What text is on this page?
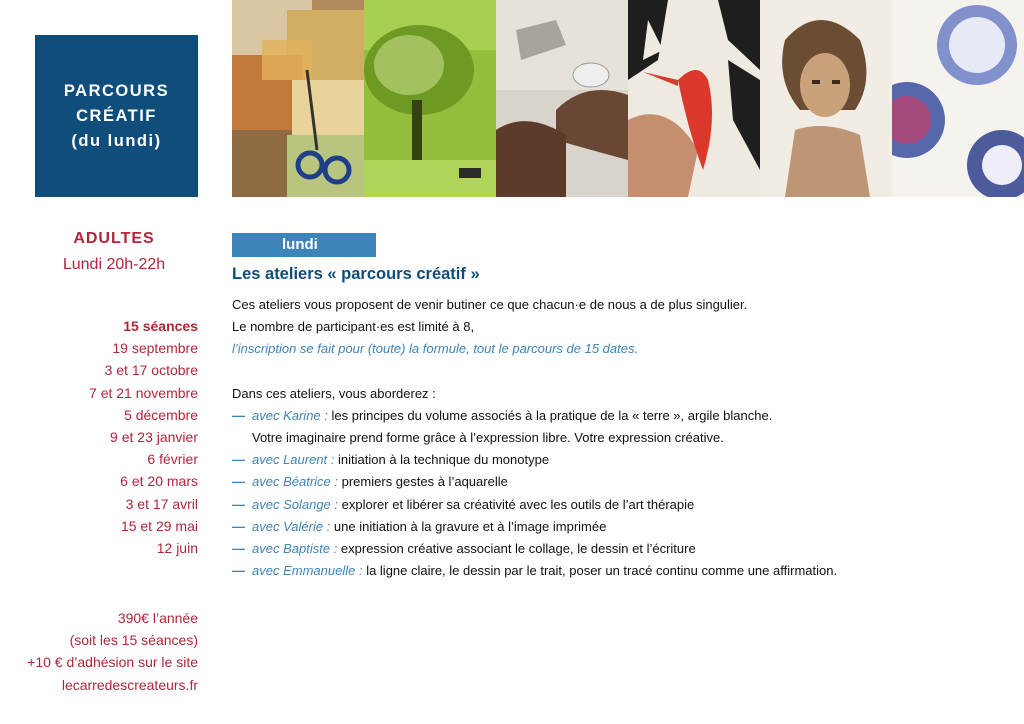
PARCOURS
CRÉATIF
(du lundi)
ADULTES
Lundi 20h-22h
15 séances
19 septembre
3 et 17 octobre
7 et 21 novembre
5 décembre
9 et 23 janvier
6 février
6 et 20 mars
3 et 17 avril
15 et 29 mai
12 juin
390€ l’année
(soit les 15 séances)
+10 € d’adhésion sur le site
lecarredescreateurs.fr
lundi
Les ateliers « parcours créatif »

Ces ateliers vous proposent de venir butiner ce que chacun·e de nous a de plus singulier.

Le nombre de participant·es est limité à 8,

l’inscription se fait pour (toute) la formule, tout le parcours de 15 dates.

Dans ces ateliers, vous aborderez :

— avec Karine : les principes du volume associés à la pratique de la « terre », argile blanche.

Votre imaginaire prend forme grâce à l’expression libre. Votre expression créative.

— avec Laurent : initiation à la technique du monotype

— avec Béatrice : premiers gestes à l’aquarelle

— avec Solange : explorer et libérer sa créativité avec les outils de l’art thérapie

— avec Valérie : une initiation à la gravure et à l’image imprimée

— avec Baptiste : expression créative associant le collage, le dessin et l’écriture

— avec Emmanuelle : la ligne claire, le dessin par le trait, poser un tracé continu comme une affirmation.
